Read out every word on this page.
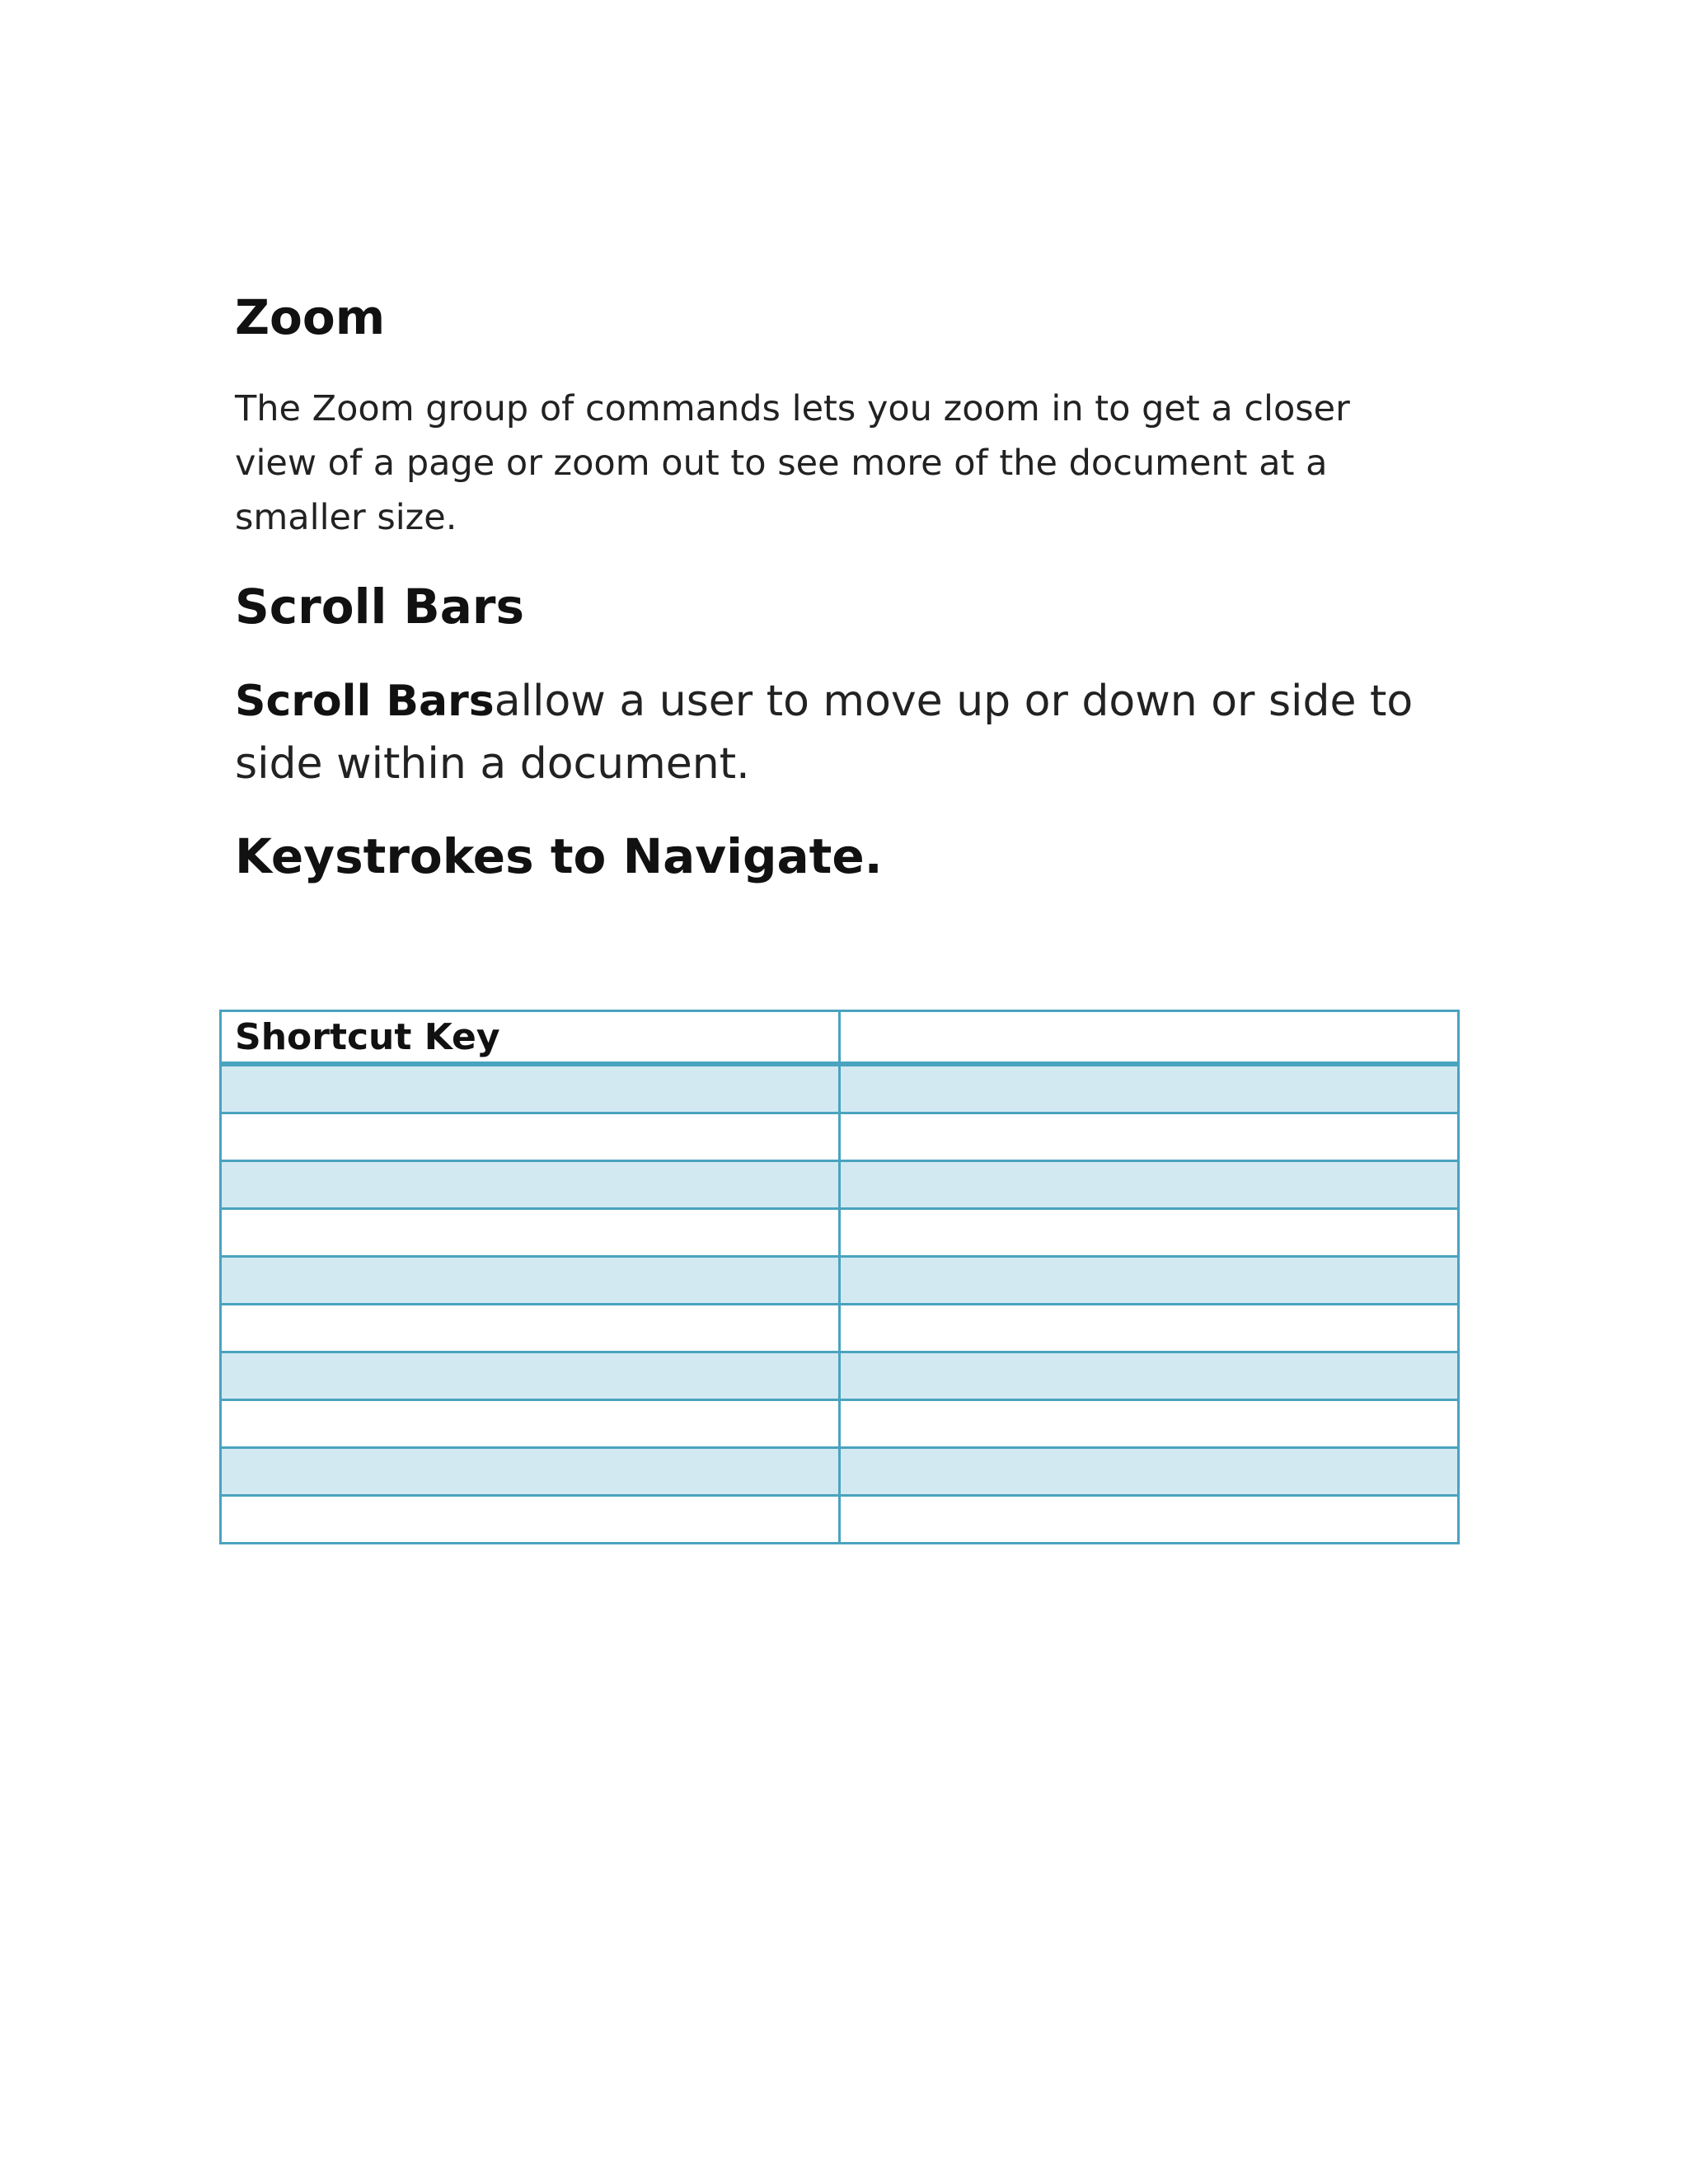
Zoom

The Zoom group of commands lets you zoom in to get a closer view of a page or zoom out to see more of the document at a smaller size.

Scroll Bars

Scroll Barsallow a user to move up or down or side to side within a document.

Keystrokes to Navigate.
Shortcut Key	
